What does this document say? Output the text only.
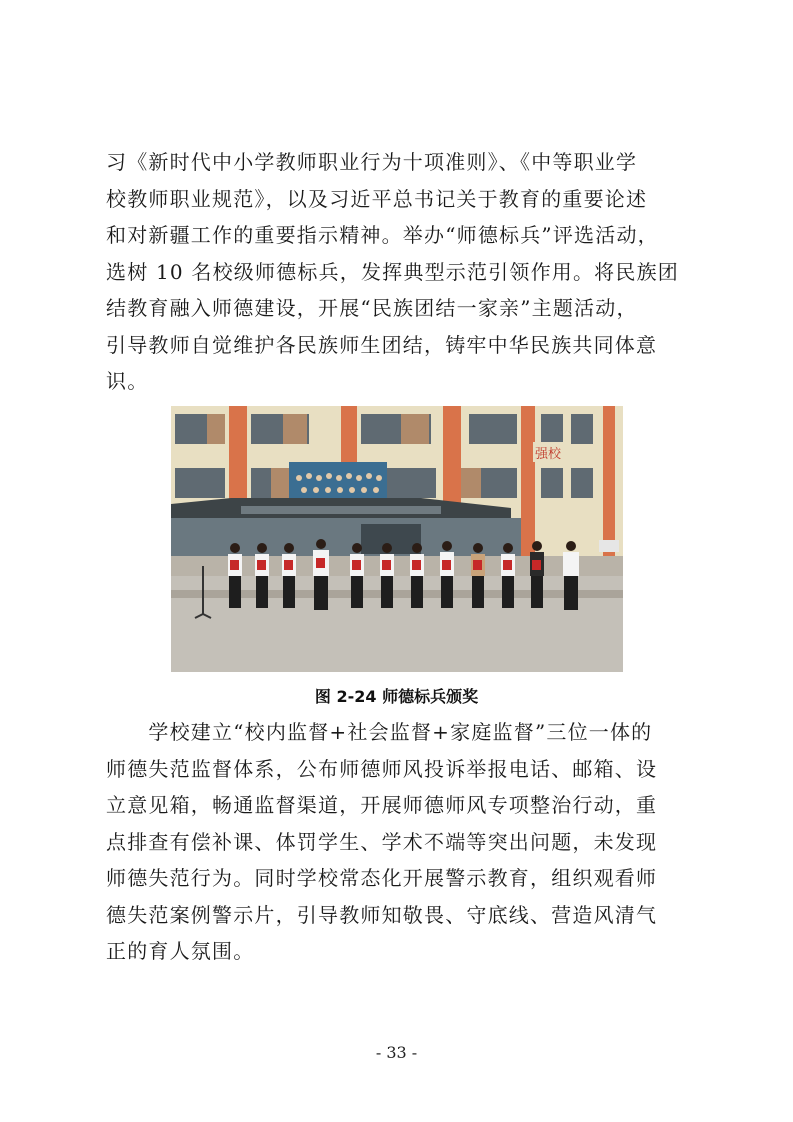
习《新时代中小学教师职业行为十项准则》、《中等职业学
校教师职业规范》，以及习近平总书记关于教育的重要论述
和对新疆工作的重要指示精神。举办“师德标兵”评选活动，
选树 10 名校级师德标兵，发挥典型示范引领作用。将民族团
结教育融入师德建设，开展“民族团结一家亲”主题活动，
引导教师自觉维护各民族师生团结，铸牢中华民族共同体意
识。

强校
图 2-24 师德标兵颁奖

　　学校建立“校内监督+社会监督+家庭监督”三位一体的
师德失范监督体系，公布师德师风投诉举报电话、邮箱、设
立意见箱，畅通监督渠道，开展师德师风专项整治行动，重
点排查有偿补课、体罚学生、学术不端等突出问题，未发现
师德失范行为。同时学校常态化开展警示教育，组织观看师
德失范案例警示片，引导教师知敬畏、守底线、营造风清气
正的育人氛围。

- 33 -
